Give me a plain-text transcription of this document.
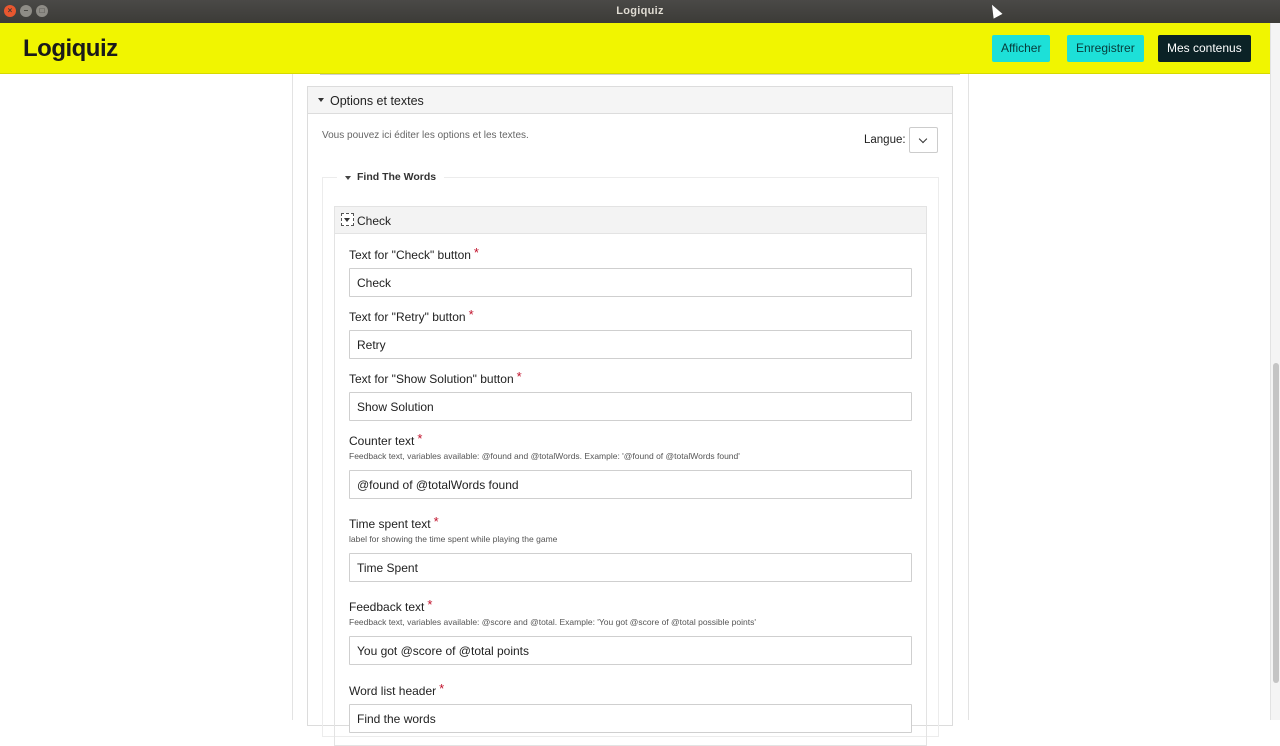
×	–	□	Logiquiz
Logiquiz	Afficher	Enregistrer	Mes contenus
Options et textes
Vous pouvez ici éditer les options et les textes.	Langue:
Find The Words
Check
Text for "Check" button *
Check
Text for "Retry" button *
Retry
Text for "Show Solution" button *
Show Solution
Counter text *
Feedback text, variables available: @found and @totalWords. Example: '@found of @totalWords found'
@found of @totalWords found
Time spent text *
label for showing the time spent while playing the game
Time Spent
Feedback text *
Feedback text, variables available: @score and @total. Example: 'You got @score of @total possible points'
You got @score of @total points
Word list header *
Find the words
